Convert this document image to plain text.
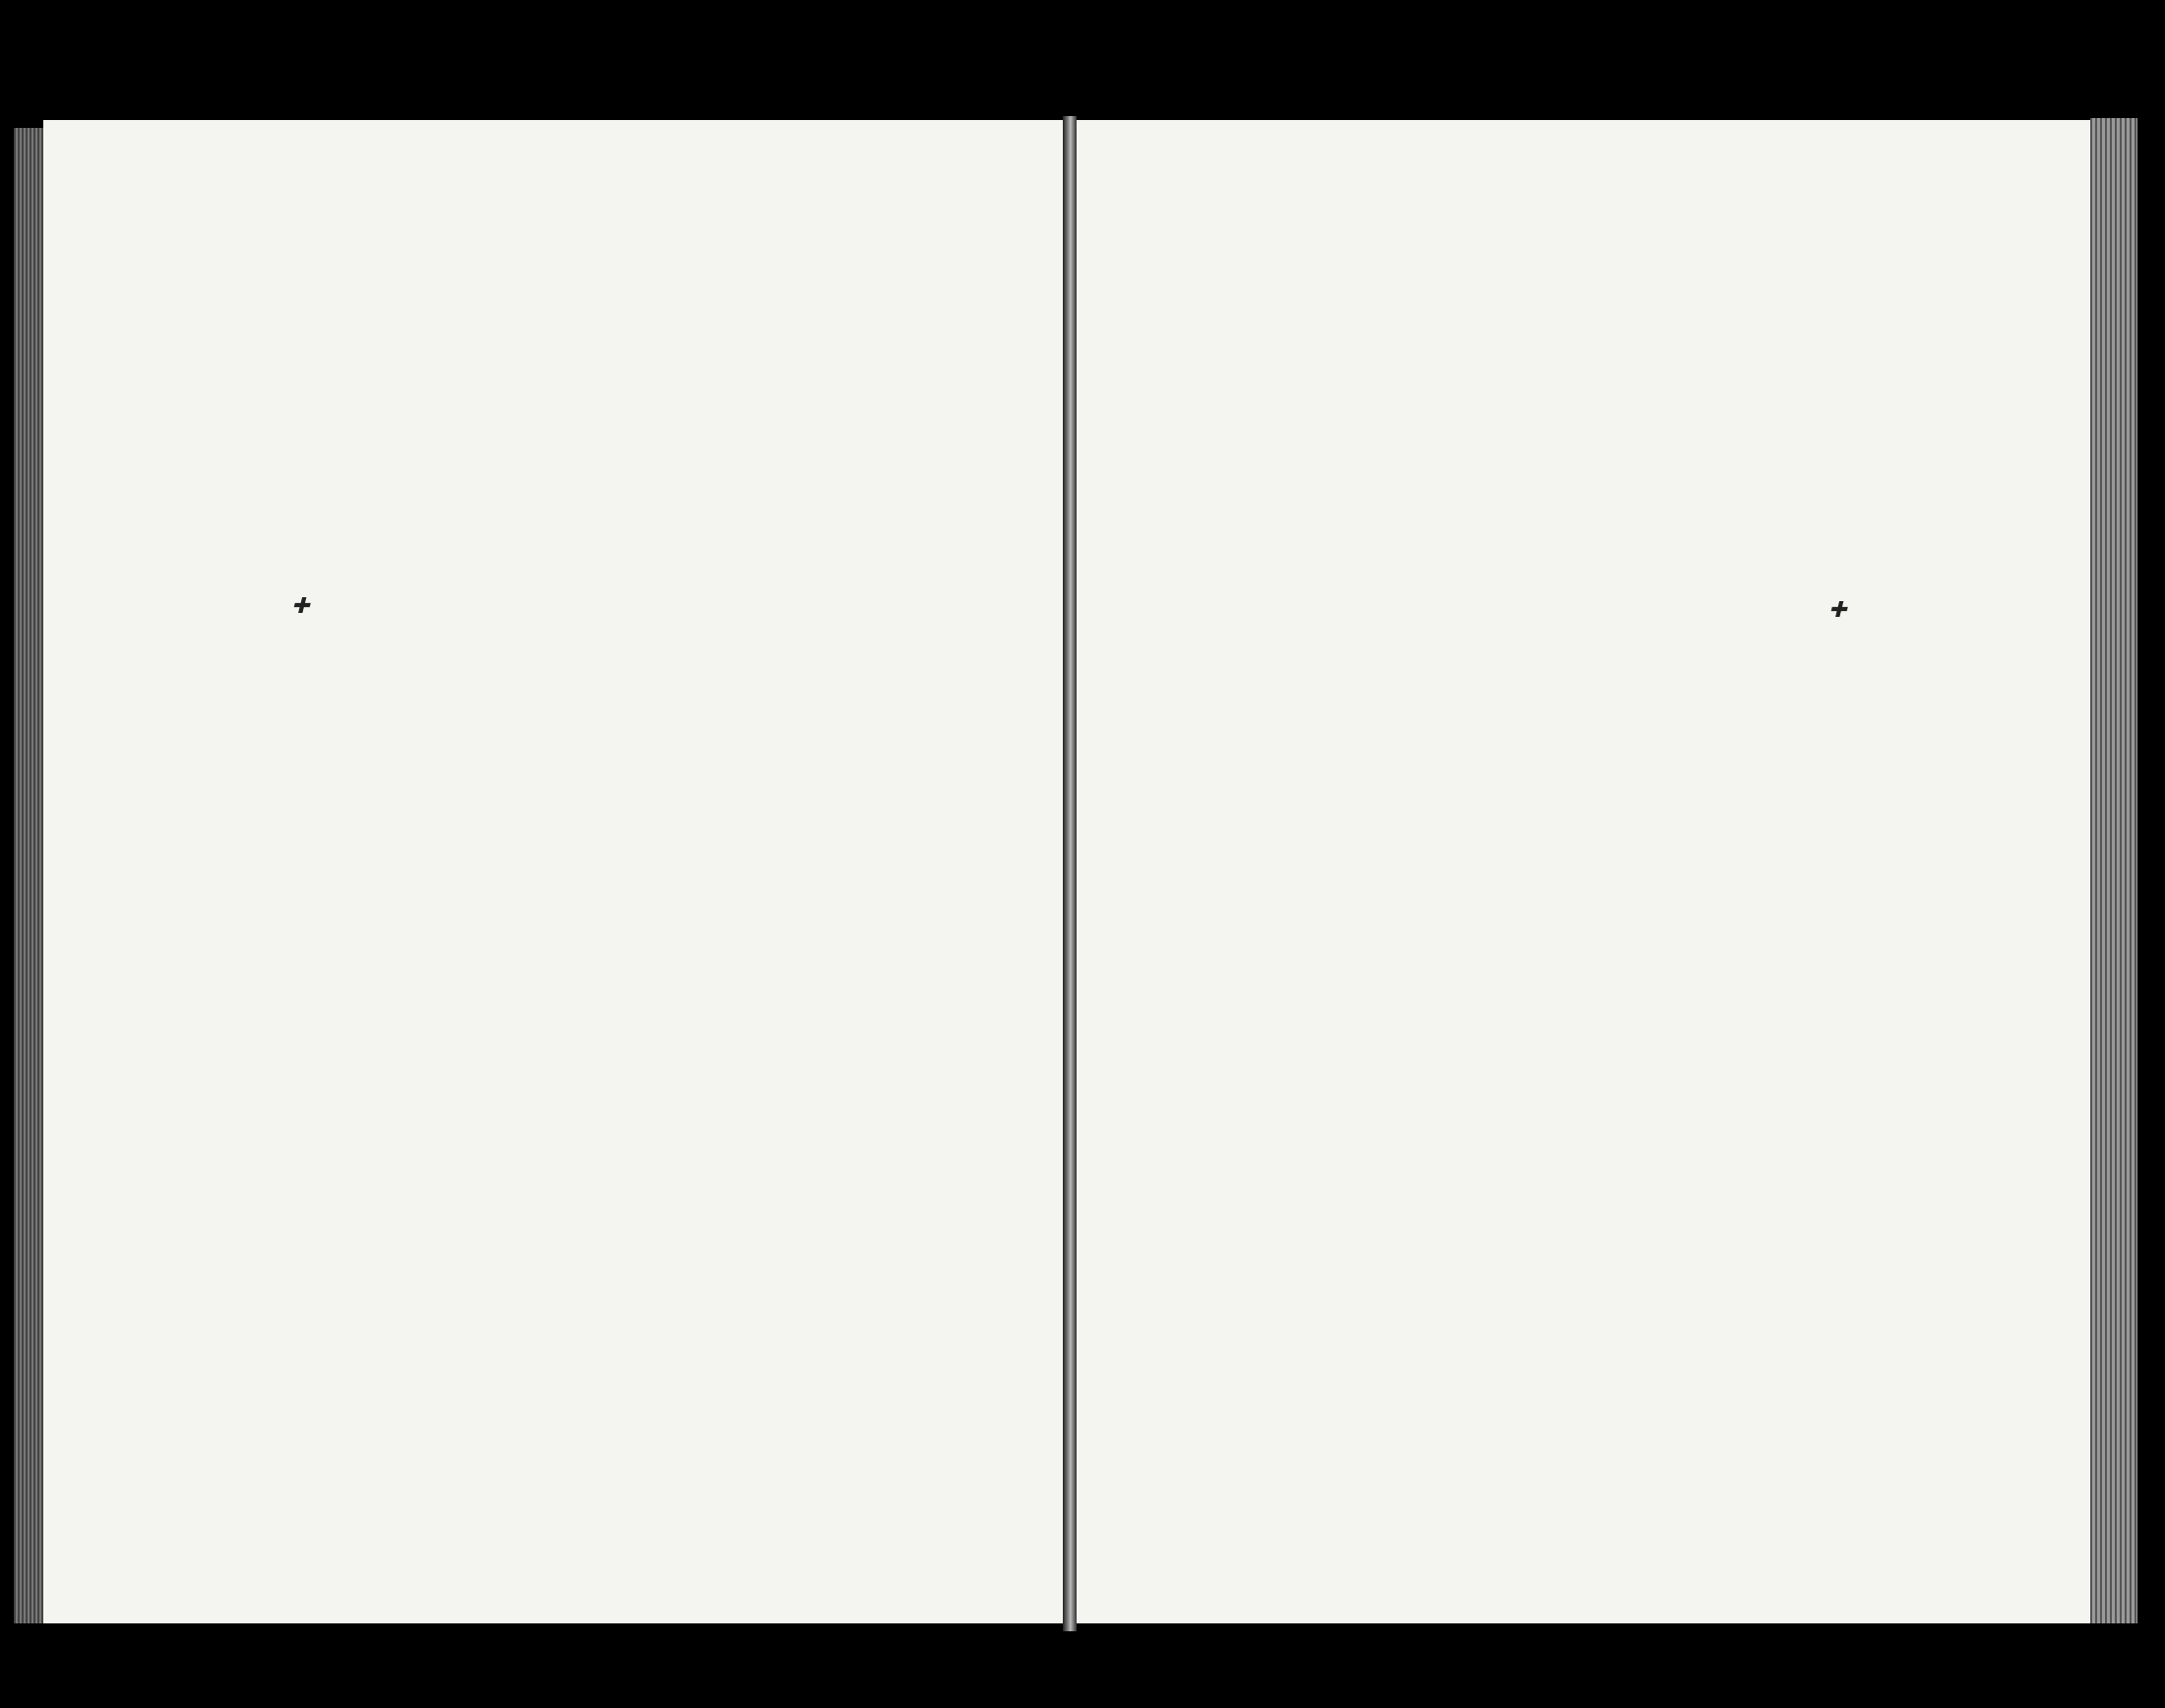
✚	✚
